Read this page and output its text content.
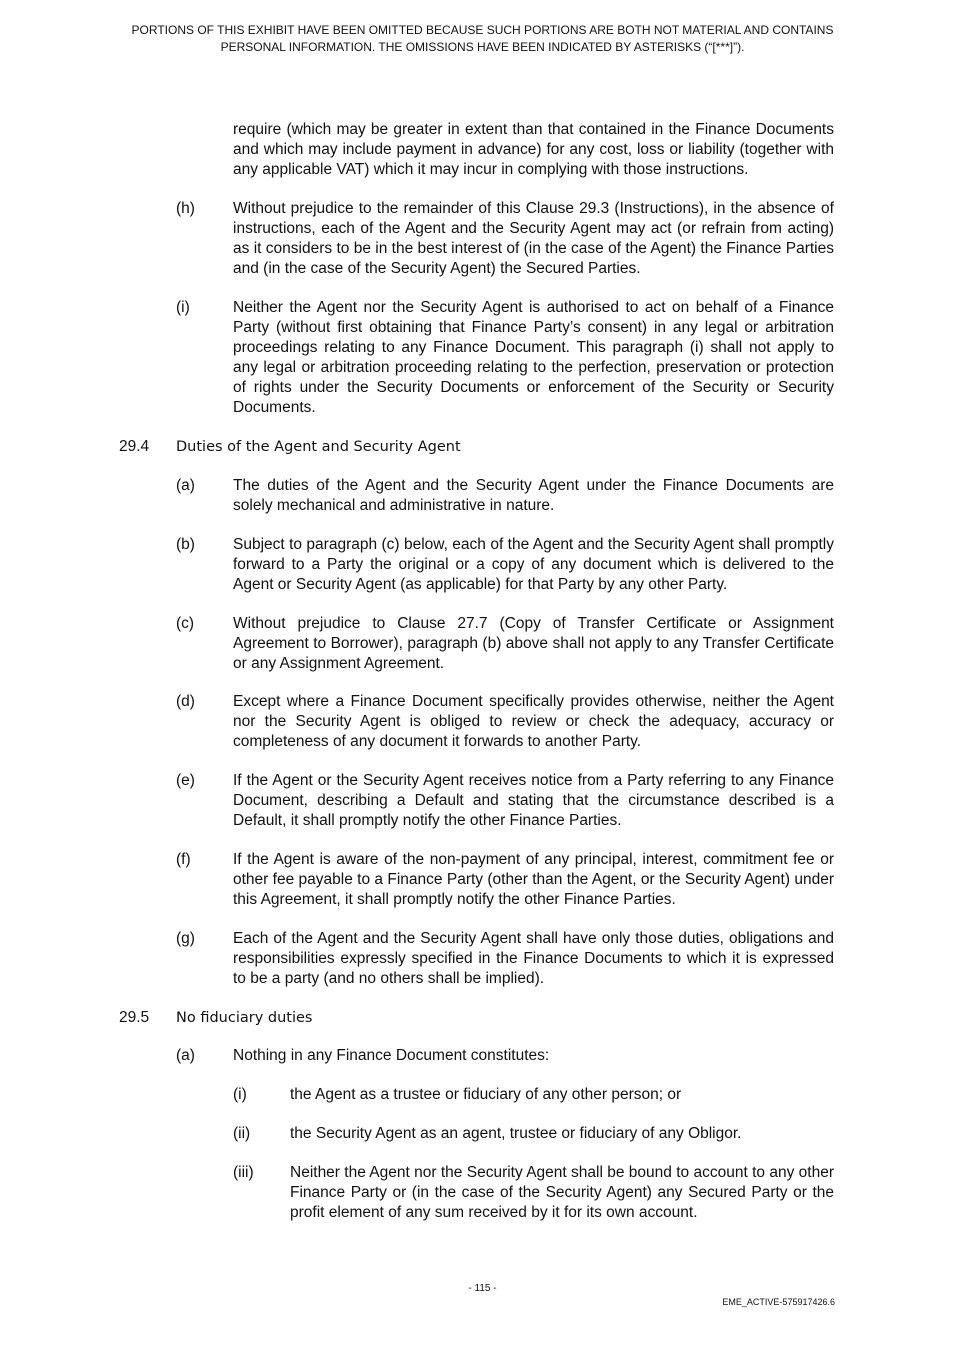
PORTIONS OF THIS EXHIBIT HAVE BEEN OMITTED BECAUSE SUCH PORTIONS ARE BOTH NOT MATERIAL AND CONTAINS PERSONAL INFORMATION. THE OMISSIONS HAVE BEEN INDICATED BY ASTERISKS (“[***]”).
require (which may be greater in extent than that contained in the Finance Documents and which may include payment in advance) for any cost, loss or liability (together with any applicable VAT) which it may incur in complying with those instructions.
(h) Without prejudice to the remainder of this Clause 29.3 (Instructions), in the absence of instructions, each of the Agent and the Security Agent may act (or refrain from acting) as it considers to be in the best interest of (in the case of the Agent) the Finance Parties and (in the case of the Security Agent) the Secured Parties.
(i)	Neither the Agent nor the Security Agent is authorised to act on behalf of a Finance Party (without first obtaining that Finance Party’s consent) in any legal or arbitration proceedings relating to any Finance Document. This paragraph (i) shall not apply to any legal or arbitration proceeding relating to the perfection, preservation or protection of rights under the Security Documents or enforcement of the Security or Security Documents.
29.4 Duties of the Agent and Security Agent
(a) The duties of the Agent and the Security Agent under the Finance Documents are solely mechanical and administrative in nature.
(b) Subject to paragraph (c) below, each of the Agent and the Security Agent shall promptly forward to a Party the original or a copy of any document which is delivered to the Agent or Security Agent (as applicable) for that Party by any other Party.
(c)	Without prejudice to Clause 27.7 (Copy of Transfer Certificate or Assignment Agreement to Borrower), paragraph (b) above shall not apply to any Transfer Certificate or any Assignment Agreement.
(d) Except where a Finance Document specifically provides otherwise, neither the Agent nor the Security Agent is obliged to review or check the adequacy, accuracy or completeness of any document it forwards to another Party.
(e) If the Agent or the Security Agent receives notice from a Party referring to any Finance Document, describing a Default and stating that the circumstance described is a Default, it shall promptly notify the other Finance Parties.
(f)	If the Agent is aware of the non-payment of any principal, interest, commitment fee or other fee payable to a Finance Party (other than the Agent, or the Security Agent) under this Agreement, it shall promptly notify the other Finance Parties.
(g) Each of the Agent and the Security Agent shall have only those duties, obligations and responsibilities expressly specified in the Finance Documents to which it is expressed to be a party (and no others shall be implied).
29.5 No fiduciary duties
(a) Nothing in any Finance Document constitutes:
(i)	the Agent as a trustee or fiduciary of any other person; or
(ii)	the Security Agent as an agent, trustee or fiduciary of any Obligor.
(iii) Neither the Agent nor the Security Agent shall be bound to account to any other Finance Party or (in the case of the Security Agent) any Secured Party or the profit element of any sum received by it for its own account.
- 115 -
EME_ACTIVE-575917426.6
